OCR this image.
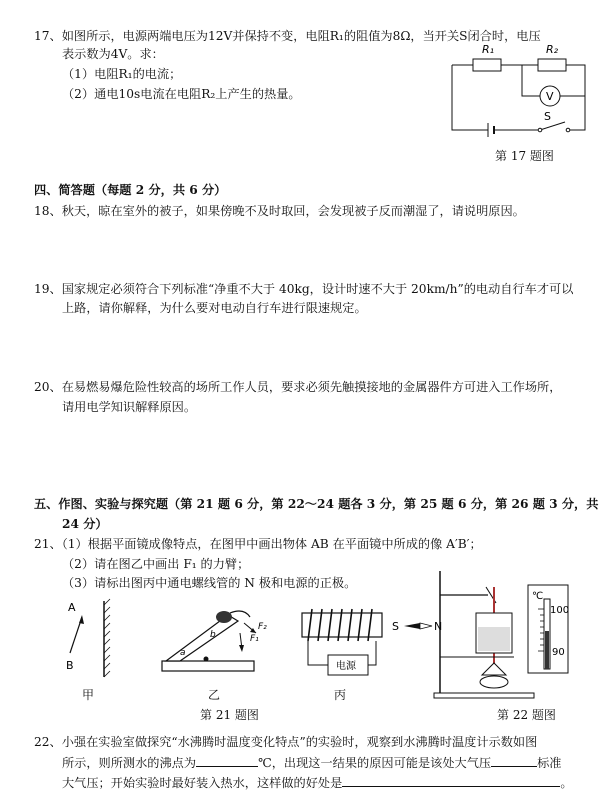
17、如图所示，电源两端电压为12V并保持不变，电阻R₁的阻值为8Ω，当开关S闭合时，电压
表示数为4V。求：
（1）电阻R₁的电流；
（2）通电10s电流在电阻R₂上产生的热量。
R₁	R₂
V
S
第 17 题图
四、简答题（每题 2 分，共 6 分）
18、秋天，晾在室外的被子，如果傍晚不及时取回，会发现被子反而潮湿了，请说明原因。
19、国家规定必须符合下列标准“净重不大于 40kg，设计时速不大于 20km/h”的电动自行车才可以
上路，请你解释，为什么要对电动自行车进行限速规定。
20、在易燃易爆危险性较高的场所工作人员，要求必须先触摸接地的金属器件方可进入工作场所，
请用电学知识解释原因。
五、作图、实验与探究题（第 21 题 6 分，第 22～24 题各 3 分，第 25 题 6 分，第 26 题 3 分，共
24 分）
21、（1）根据平面镜成像特点，在图甲中画出物体 AB 在平面镜中所成的像 A′B′；
（2）请在图乙中画出 F₁ 的力臂；
（3）请标出图丙中通电螺线管的 N 极和电源的正极。
A
B
甲
F₁
F₂
a
b
乙
电源
S	N
丙
第 21 题图
℃
100
90
第 22 题图
22、小强在实验室做探究“水沸腾时温度变化特点”的实验时，观察到水沸腾时温度计示数如图
所示，则所测水的沸点为	℃，出现这一结果的原因可能是该处大气压	标准
大气压；开始实验时最好装入热水，这样做的好处是	。
